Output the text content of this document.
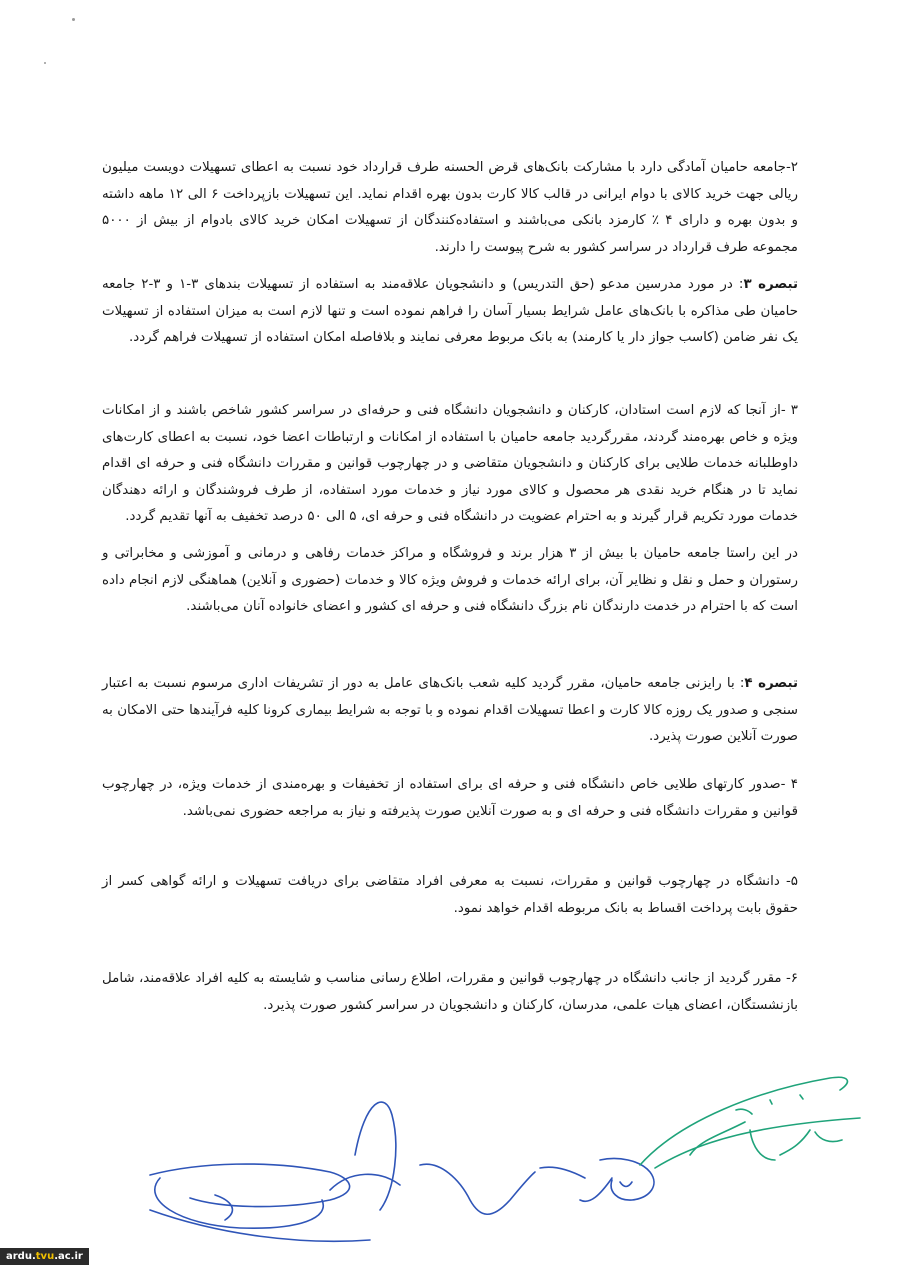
۲-جامعه حامیان آمادگی دارد با مشارکت بانک‌های قرض الحسنه طرف قرارداد خود نسبت به اعطای تسهیلات دویست میلیون ریالی جهت خرید کالای با دوام ایرانی در قالب کالا کارت بدون بهره اقدام نماید. این تسهیلات بازپرداخت ۶ الی ۱۲ ماهه داشته و بدون بهره و دارای ۴ ٪ کارمزد بانکی می‌باشند و استفاده‌کنندگان از تسهیلات امکان خرید کالای بادوام از بیش از ۵۰۰۰ مجموعه طرف قرارداد در سراسر کشور به شرح پیوست را دارند.

تبصره ۳: در مورد مدرسین مدعو (حق التدریس) و دانشجویان علاقه‌مند به استفاده از تسهیلات بندهای ۳-۱ و ۳-۲ جامعه حامیان طی مذاکره با بانک‌های عامل شرایط بسیار آسان را فراهم نموده است و تنها لازم است به میزان استفاده از تسهیلات یک نفر ضامن (کاسب جواز دار یا کارمند) به بانک مربوط معرفی نمایند و بلافاصله امکان استفاده از تسهیلات فراهم گردد.

۳ -از آنجا که لازم است استادان، کارکنان و دانشجویان دانشگاه فنی و حرفه‌ای در سراسر کشور شاخص باشند و از امکانات ویژه و خاص بهره‌مند گردند، مقررگردید جامعه حامیان با استفاده از امکانات و ارتباطات اعضا خود، نسبت به اعطای کارت‌های داوطلبانه خدمات طلایی برای کارکنان و دانشجویان متقاضی و در چهارچوب قوانین و مقررات دانشگاه فنی و حرفه ای اقدام نماید تا در هنگام خرید نقدی هر محصول و کالای مورد نیاز و خدمات مورد استفاده، از طرف فروشندگان و ارائه دهندگان خدمات مورد تکریم قرار گیرند و به احترام عضویت در دانشگاه فنی و حرفه ای، ۵ الی ۵۰ درصد تخفیف به آنها تقدیم گردد.

در این راستا جامعه حامیان با بیش از ۳ هزار برند و فروشگاه و مراکز خدمات رفاهی و درمانی و آموزشی و مخابراتی و رستوران و حمل و نقل و نظایر آن، برای ارائه خدمات و فروش ویژه کالا و خدمات (حضوری و آنلاین) هماهنگی لازم انجام داده است که با احترام در خدمت دارندگان نام بزرگ دانشگاه فنی و حرفه ای کشور و اعضای خانواده آنان می‌باشند.

تبصره ۴: با رایزنی جامعه حامیان، مقرر گردید کلیه شعب بانک‌های عامل به دور از تشریفات اداری مرسوم نسبت به اعتبار سنجی و صدور یک روزه کالا کارت و اعطا تسهیلات اقدام نموده و با توجه به شرایط بیماری کرونا کلیه فرآیندها حتی الامکان به صورت آنلاین صورت پذیرد.

۴ -صدور کارتهای طلایی خاص دانشگاه فنی و حرفه ای برای استفاده از تخفیفات و بهره‌مندی از خدمات ویژه، در چهارچوب قوانین و مقررات دانشگاه فنی و حرفه ای و به صورت آنلاین صورت پذیرفته و نیاز به مراجعه حضوری نمی‌باشد.

۵- دانشگاه در چهارچوب قوانین و مقررات، نسبت به معرفی افراد متقاضی برای دریافت تسهیلات و ارائه گواهی کسر از حقوق بابت پرداخت اقساط به بانک مربوطه اقدام خواهد نمود.

۶- مقرر گردید از جانب دانشگاه در چهارچوب قوانین و مقررات، اطلاع رسانی مناسب و شایسته به کلیه افراد علاقه‌مند، شامل بازنشستگان، اعضای هیات علمی، مدرسان، کارکنان و دانشجویان در سراسر کشور صورت پذیرد.

ardu.tvu.ac.ir
